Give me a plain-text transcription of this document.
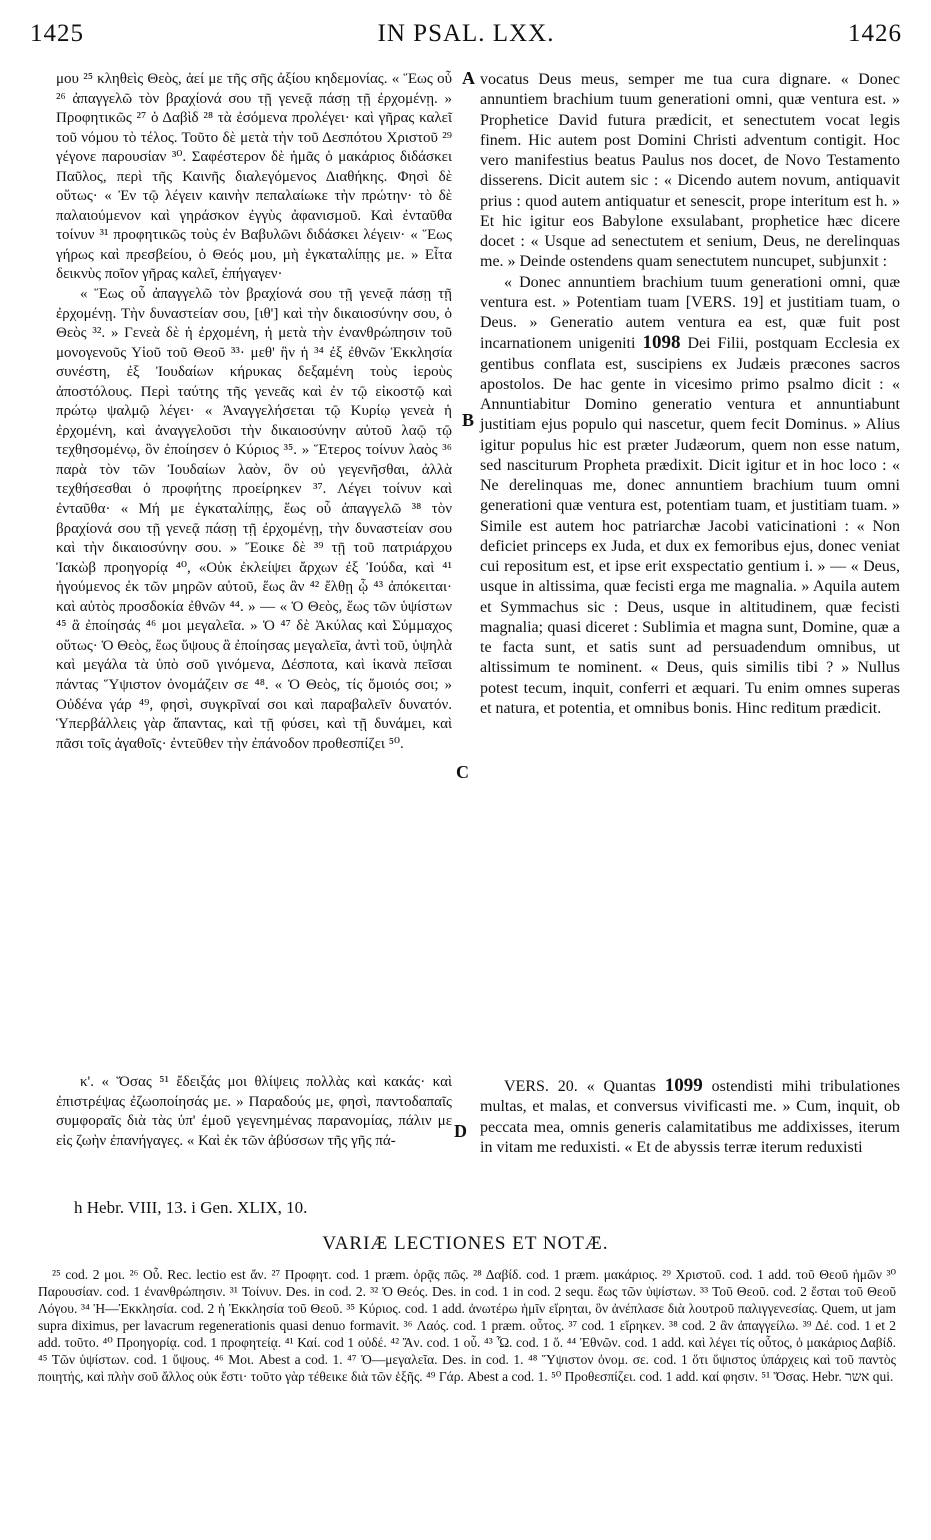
1425	IN PSAL. LXX.	1426

μου ²⁵ κληθεὶς Θεὸς, ἀεί με τῆς σῆς ἀξίου κηδεμονίας. « Ἕως οὗ ²⁶ ἀπαγγελῶ τὸν βραχίονά σου τῇ γενεᾷ πάσῃ τῇ ἐρχομένῃ. » Προφητικῶς ²⁷ ὁ Δαβὶδ ²⁸ τὰ ἐσόμενα προλέγει· καὶ γῆρας καλεῖ τοῦ νόμου τὸ τέλος. Τοῦτο δὲ μετὰ τὴν τοῦ Δεσπότου Χριστοῦ ²⁹ γέγονε παρουσίαν ³⁰. Σαφέστερον δὲ ἡμᾶς ὁ μακάριος διδάσκει Παῦλος, περὶ τῆς Καινῆς διαλεγόμενος Διαθήκης. Φησὶ δὲ οὕτως· « Ἐν τῷ λέγειν καινὴν πεπαλαίωκε τὴν πρώτην· τὸ δὲ παλαιούμενον καὶ γηράσκον ἐγγὺς ἀφανισμοῦ. Καὶ ἐνταῦθα τοίνυν ³¹ προφητικῶς τοὺς ἐν Βαβυλῶνι διδάσκει λέγειν· « Ἕως γήρως καὶ πρεσβείου, ὁ Θεός μου, μὴ ἐγκαταλίπῃς με. » Εἶτα δεικνὺς ποῖον γῆρας καλεῖ, ἐπήγαγεν·

« Ἕως οὗ ἀπαγγελῶ τὸν βραχίονά σου τῇ γενεᾷ πάσῃ τῇ ἐρχομένῃ. Τὴν δυναστείαν σου, [ιθ'] καὶ τὴν δικαιοσύνην σου, ὁ Θεὸς ³². » Γενεὰ δὲ ἡ ἐρχομένη, ἡ μετὰ τὴν ἐνανθρώπησιν τοῦ μονογενοῦς Υἱοῦ τοῦ Θεοῦ ³³· μεθ' ἣν ἡ ³⁴ ἐξ ἐθνῶν Ἐκκλησία συνέστη, ἐξ Ἰουδαίων κήρυκας δεξαμένη τοὺς ἱεροὺς ἀποστόλους. Περὶ ταύτης τῆς γενεᾶς καὶ ἐν τῷ εἰκοστῷ καὶ πρώτῳ ψαλμῷ λέγει· « Ἀναγγελήσεται τῷ Κυρίῳ γενεὰ ἡ ἐρχομένη, καὶ ἀναγγελοῦσι τὴν δικαιοσύνην αὐτοῦ λαῷ τῷ τεχθησομένῳ, ὃν ἐποίησεν ὁ Κύριος ³⁵. » Ἕτερος τοίνυν λαὸς ³⁶ παρὰ τὸν τῶν Ἰουδαίων λαὸν, ὃν οὐ γεγενῆσθαι, ἀλλὰ τεχθήσεσθαι ὁ προφήτης προείρηκεν ³⁷. Λέγει τοίνυν καὶ ἐνταῦθα· « Μή με ἐγκαταλίπῃς, ἕως οὗ ἀπαγγελῶ ³⁸ τὸν βραχίονά σου τῇ γενεᾷ πάσῃ τῇ ἐρχομένῃ, τὴν δυναστείαν σου καὶ τὴν δικαιοσύνην σου. » Ἔοικε δὲ ³⁹ τῇ τοῦ πατριάρχου Ἰακὼβ προηγορίᾳ ⁴⁰, «Οὐκ ἐκλείψει ἄρχων ἐξ Ἰούδα, καὶ ⁴¹ ἡγούμενος ἐκ τῶν μηρῶν αὐτοῦ, ἕως ἂν ⁴² ἔλθῃ ᾧ ⁴³ ἀπόκειται· καὶ αὐτὸς προσδοκία ἐθνῶν ⁴⁴. » — « Ὁ Θεὸς, ἕως τῶν ὑψίστων ⁴⁵ ἃ ἐποίησάς ⁴⁶ μοι μεγαλεῖα. » Ὁ ⁴⁷ δὲ Ἀκύλας καὶ Σύμμαχος οὕτως· Ὁ Θεὸς, ἕως ὕψους ἃ ἐποίησας μεγαλεῖα, ἀντὶ τοῦ, ὑψηλὰ καὶ μεγάλα τὰ ὑπὸ σοῦ γινόμενα, Δέσποτα, καὶ ἱκανὰ πεῖσαι πάντας Ὕψιστον ὀνομάζειν σε ⁴⁸. « Ὁ Θεὸς, τίς ὅμοιός σοι; » Οὐδένα γάρ ⁴⁹, φησὶ, συγκρῖναί σοι καὶ παραβαλεῖν δυνατόν. Ὑπερβάλλεις γὰρ ἅπαντας, καὶ τῇ φύσει, καὶ τῇ δυνάμει, καὶ πᾶσι τοῖς ἀγαθοῖς· ἐντεῦθεν τὴν ἐπάνοδον προθεσπίζει ⁵⁰.

vocatus Deus meus, semper me tua cura dignare. « Donec annuntiem brachium tuum generationi omni, quæ ventura est. » Prophetice David futura prædicit, et senectutem vocat legis finem. Hic autem post Domini Christi adventum contigit. Hoc vero manifestius beatus Paulus nos docet, de Novo Testamento disserens. Dicit autem sic : « Dicendo autem novum, antiquavit prius : quod autem antiquatur et senescit, prope interitum est h. » Et hic igitur eos Babylone exsulabant, prophetice hæc dicere docet : « Usque ad senectutem et senium, Deus, ne derelinquas me. » Deinde ostendens quam senectutem nuncupet, subjunxit :

« Donec annuntiem brachium tuum generationi omni, quæ ventura est. » Potentiam tuam [VERS. 19] et justitiam tuam, o Deus. » Generatio autem ventura ea est, quæ fuit post incarnationem unigeniti 1098 Dei Filii, postquam Ecclesia ex gentibus conflata est, suscipiens ex Judæis præcones sacros apostolos. De hac gente in vicesimo primo psalmo dicit : « Annuntiabitur Domino generatio ventura et annuntiabunt justitiam ejus populo qui nascetur, quem fecit Dominus. » Alius igitur populus hic est præter Judæorum, quem non esse natum, sed nasciturum Propheta prædixit. Dicit igitur et in hoc loco : « Ne derelinquas me, donec annuntiem brachium tuum omni generationi quæ ventura est, potentiam tuam, et justitiam tuam. » Simile est autem hoc patriarchæ Jacobi vaticinationi : « Non deficiet princeps ex Juda, et dux ex femoribus ejus, donec veniat cui repositum est, et ipse erit exspectatio gentium i. » — « Deus, usque in altissima, quæ fecisti erga me magnalia. » Aquila autem et Symmachus sic : Deus, usque in altitudinem, quæ fecisti magnalia; quasi diceret : Sublimia et magna sunt, Domine, quæ a te facta sunt, et satis sunt ad persuadendum omnibus, ut altissimum te nominent. « Deus, quis similis tibi ? » Nullus potest tecum, inquit, conferri et æquari. Tu enim omnes superas et natura, et potentia, et omnibus bonis. Hinc reditum prædicit.

A
B
C
D

κ'. « Ὅσας ⁵¹ ἔδειξάς μοι θλίψεις πολλὰς καὶ κακάς· καὶ ἐπιστρέψας ἐζωοποίησάς με. » Παραδούς με, φησὶ, παντοδαπαῖς συμφοραῖς διὰ τὰς ὑπ' ἐμοῦ γεγενημένας παρανομίας, πάλιν με εἰς ζωὴν ἐπανήγαγες. « Καὶ ἐκ τῶν ἀβύσσων τῆς γῆς πά-

VERS. 20. « Quantas 1099 ostendisti mihi tribulationes multas, et malas, et conversus vivificasti me. » Cum, inquit, ob peccata mea, omnis generis calamitatibus me addixisses, iterum in vitam me reduxisti. « Et de abyssis terræ iterum reduxisti

h Hebr. VIII, 13. i Gen. XLIX, 10.
VARIÆ LECTIONES ET NOTÆ.

²⁵ cod. 2 μοι. ²⁶ Οὗ. Rec. lectio est ἄν. ²⁷ Προφητ. cod. 1 præm. ὁρᾷς πῶς. ²⁸ Δαβίδ. cod. 1 præm. μακάριος. ²⁹ Χριστοῦ. cod. 1 add. τοῦ Θεοῦ ἡμῶν ³⁰ Παρουσίαν. cod. 1 ἐνανθρώπησιν. ³¹ Τοίνυν. Des. in cod. 2. ³² Ὁ Θεός. Des. in cod. 1 in cod. 2 sequ. ἕως τῶν ὑψίστων. ³³ Τοῦ Θεοῦ. cod. 2 ἔσται τοῦ Θεοῦ Λόγου. ³⁴ Ἡ—Ἐκκλησία. cod. 2 ἡ Ἐκκλησία τοῦ Θεοῦ. ³⁵ Κύριος. cod. 1 add. ἀνωτέρω ἡμῖν εἴρηται, ὃν ἀνέπλασε διὰ λουτροῦ παλιγγενεσίας. Quem, ut jam supra diximus, per lavacrum regenerationis quasi denuo formavit. ³⁶ Λαός. cod. 1 præm. οὗτος. ³⁷ cod. 1 εἴρηκεν. ³⁸ cod. 2 ἂν ἀπαγγείλω. ³⁹ Δέ. cod. 1 et 2 add. τοῦτο. ⁴⁰ Προηγορίᾳ. cod. 1 προφητείᾳ. ⁴¹ Καί. cod 1 οὐδέ. ⁴² Ἄν. cod. 1 οὗ. ⁴³ Ὧ. cod. 1 ὅ. ⁴⁴ Ἐθνῶν. cod. 1 add. καὶ λέγει τίς οὗτος, ὁ μακάριος Δαβίδ. ⁴⁵ Τῶν ὑψίστων. cod. 1 ὕψους. ⁴⁶ Μοι. Abest a cod. 1. ⁴⁷ Ὁ—μεγαλεῖα. Des. in cod. 1. ⁴⁸ Ὕψιστον ὀνομ. σε. cod. 1 ὅτι ὕψιστος ὑπάρχεις καὶ τοῦ παντὸς ποιητής, καὶ πλὴν σοῦ ἄλλος οὐκ ἔστι· τοῦτο γὰρ τέθεικε διὰ τῶν ἑξῆς. ⁴⁹ Γάρ. Abest a cod. 1. ⁵⁰ Προθεσπίζει. cod. 1 add. καί φησιν. ⁵¹ Ὅσας. Hebr. אשר qui.
